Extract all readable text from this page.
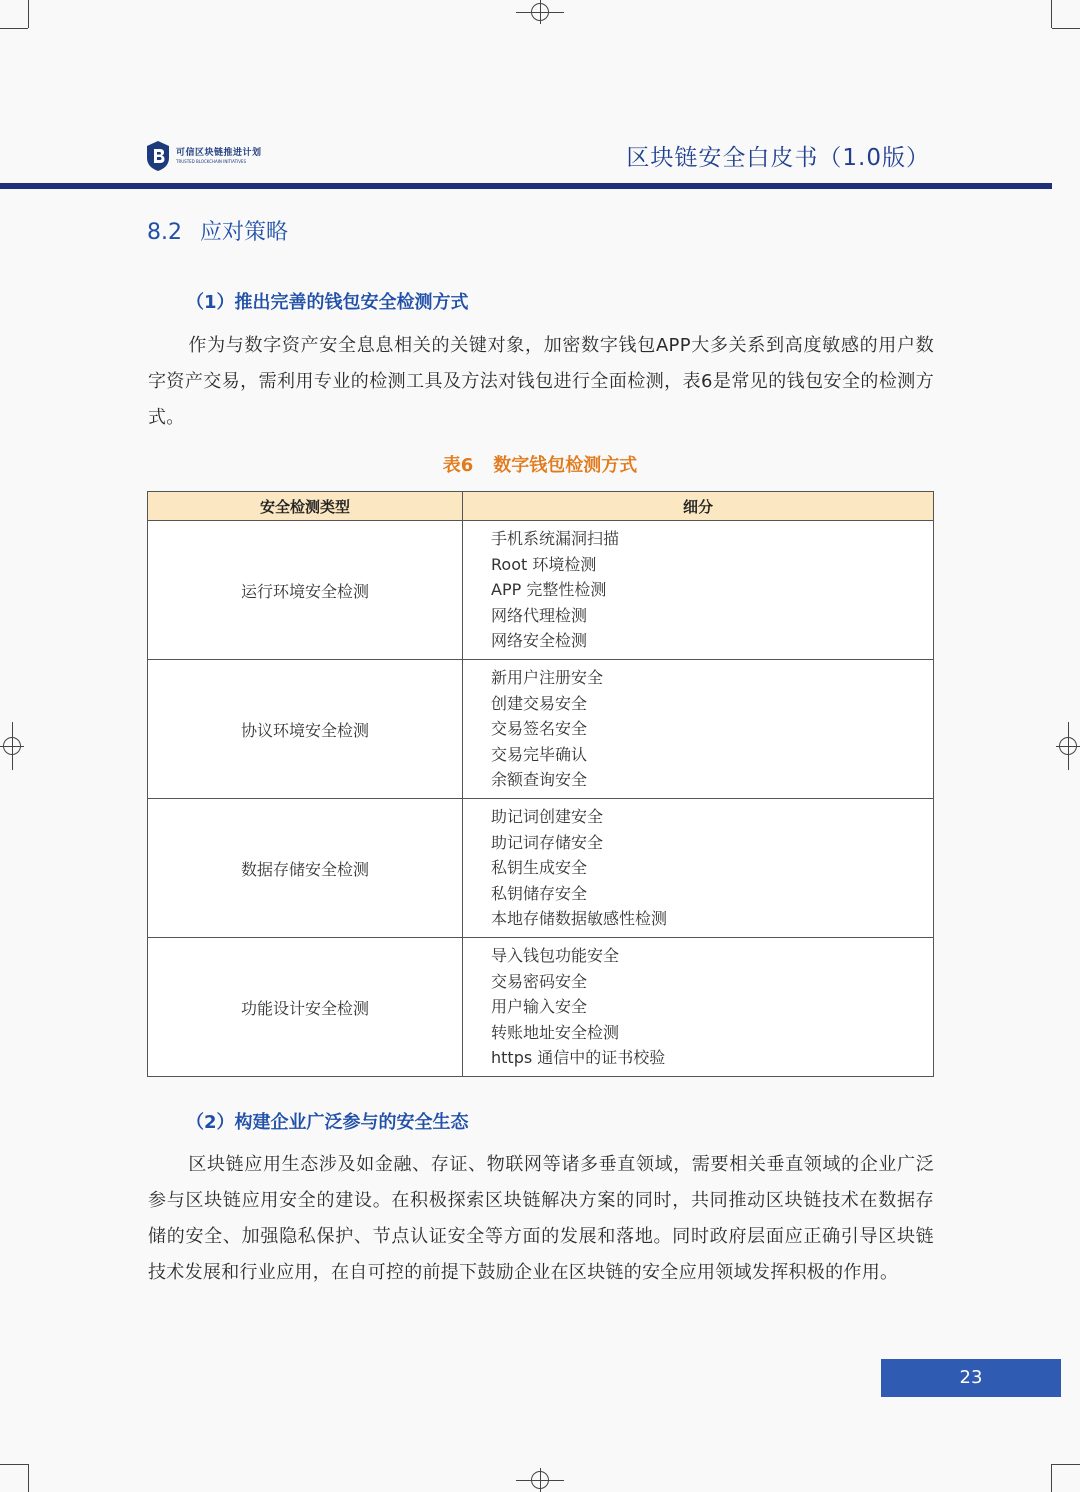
可信区块链推进计划
TRUSTED BLOCKCHAIN INITIATIVES	区块链安全白皮书（1.0版）
8.2 应对策略
（1）推出完善的钱包安全检测方式
作为与数字资产安全息息相关的关键对象，加密数字钱包APP大多关系到高度敏感的用户数字资产交易，需利用专业的检测工具及方法对钱包进行全面检测，表6是常见的钱包安全的检测方式。
表6 数字钱包检测方式
安全检测类型	细分
运行环境安全检测	手机系统漏洞扫描
Root 环境检测
APP 完整性检测
网络代理检测
网络安全检测

协议环境安全检测	新用户注册安全
创建交易安全
交易签名安全
交易完毕确认
余额查询安全

数据存储安全检测	助记词创建安全
助记词存储安全
私钥生成安全
私钥储存安全
本地存储数据敏感性检测

功能设计安全检测	导入钱包功能安全
交易密码安全
用户输入安全
转账地址安全检测
https 通信中的证书校验
（2）构建企业广泛参与的安全生态
区块链应用生态涉及如金融、存证、物联网等诸多垂直领域，需要相关垂直领域的企业广泛参与区块链应用安全的建设。在积极探索区块链解决方案的同时，共同推动区块链技术在数据存储的安全、加强隐私保护、节点认证安全等方面的发展和落地。同时政府层面应正确引导区块链技术发展和行业应用，在自可控的前提下鼓励企业在区块链的安全应用领域发挥积极的作用。
23
